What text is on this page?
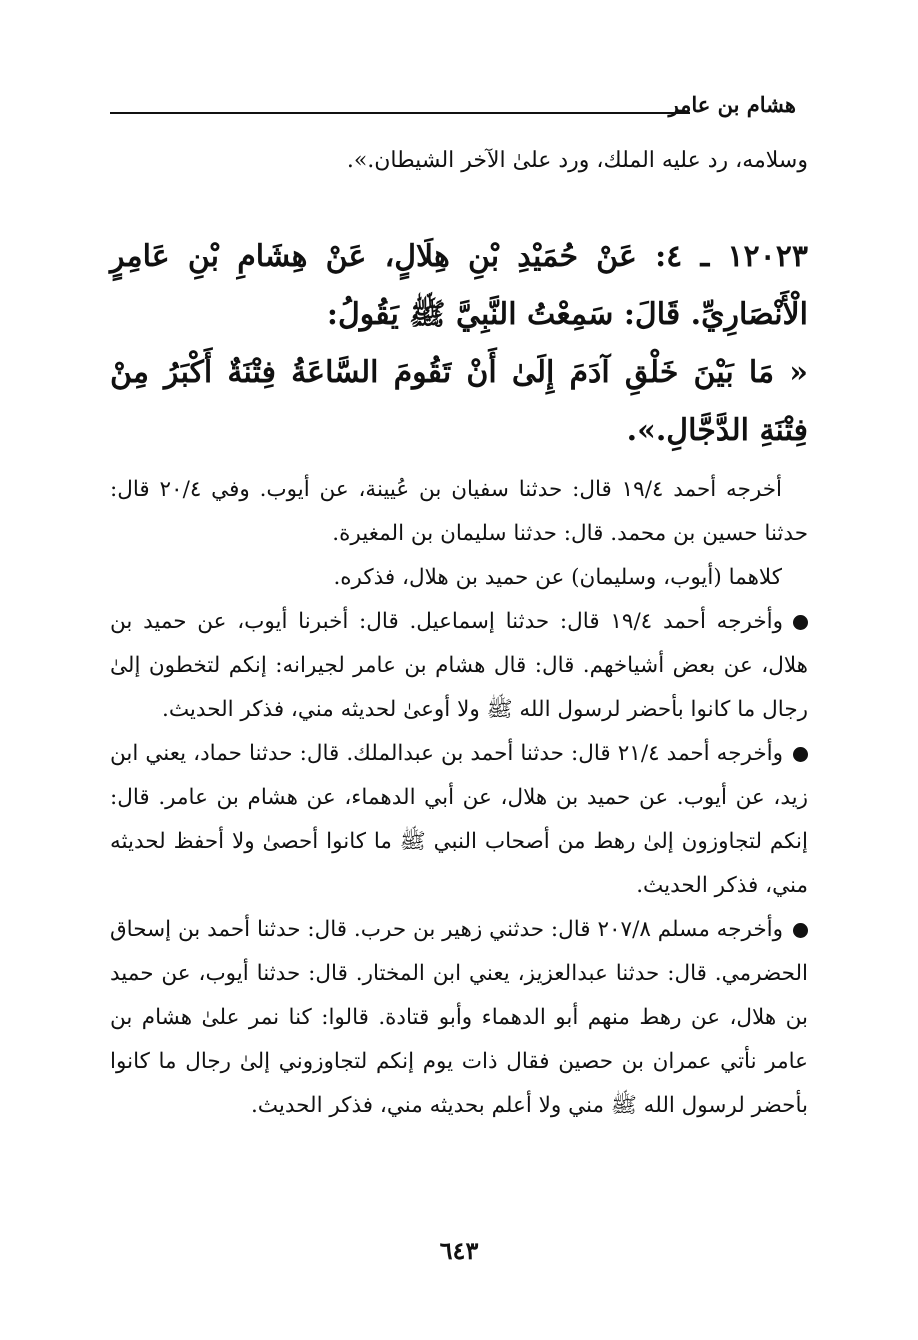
هشام بن عامر
وسلامه، رد عليه الملك، ورد علىٰ الآخر الشيطان.».

١٢٠٢٣ ـ ٤: عَنْ حُمَيْدِ بْنِ هِلَالٍ، عَنْ هِشَامِ بْنِ عَامِرٍ الْأَنْصَارِيِّ. قَالَ: سَمِعْتُ النَّبِيَّ ﷺ يَقُولُ:

« مَا بَيْنَ خَلْقِ آدَمَ إِلَىٰ أَنْ تَقُومَ السَّاعَةُ فِتْنَةٌ أَكْبَرُ مِنْ فِتْنَةِ الدَّجَّالِ.».

أخرجه أحمد ١٩/٤ قال: حدثنا سفيان بن عُيينة، عن أيوب. وفي ٢٠/٤ قال: حدثنا حسين بن محمد. قال: حدثنا سليمان بن المغيرة.

كلاهما (أيوب، وسليمان) عن حميد بن هلال، فذكره.

وأخرجه أحمد ١٩/٤ قال: حدثنا إسماعيل. قال: أخبرنا أيوب، عن حميد بن هلال، عن بعض أشياخهم. قال: قال هشام بن عامر لجيرانه: إنكم لتخطون إلىٰ رجال ما كانوا بأحضر لرسول الله ﷺ ولا أوعىٰ لحديثه مني، فذكر الحديث.

وأخرجه أحمد ٢١/٤ قال: حدثنا أحمد بن عبدالملك. قال: حدثنا حماد، يعني ابن زيد، عن أيوب. عن حميد بن هلال، عن أبي الدهماء، عن هشام بن عامر. قال: إنكم لتجاوزون إلىٰ رهط من أصحاب النبي ﷺ ما كانوا أحصىٰ ولا أحفظ لحديثه مني، فذكر الحديث.

وأخرجه مسلم ٢٠٧/٨ قال: حدثني زهير بن حرب. قال: حدثنا أحمد بن إسحاق الحضرمي. قال: حدثنا عبدالعزيز، يعني ابن المختار. قال: حدثنا أيوب، عن حميد بن هلال، عن رهط منهم أبو الدهماء وأبو قتادة. قالوا: كنا نمر علىٰ هشام بن عامر نأتي عمران بن حصين فقال ذات يوم إنكم لتجاوزوني إلىٰ رجال ما كانوا بأحضر لرسول الله ﷺ مني ولا أعلم بحديثه مني، فذكر الحديث.

٦٤٣
